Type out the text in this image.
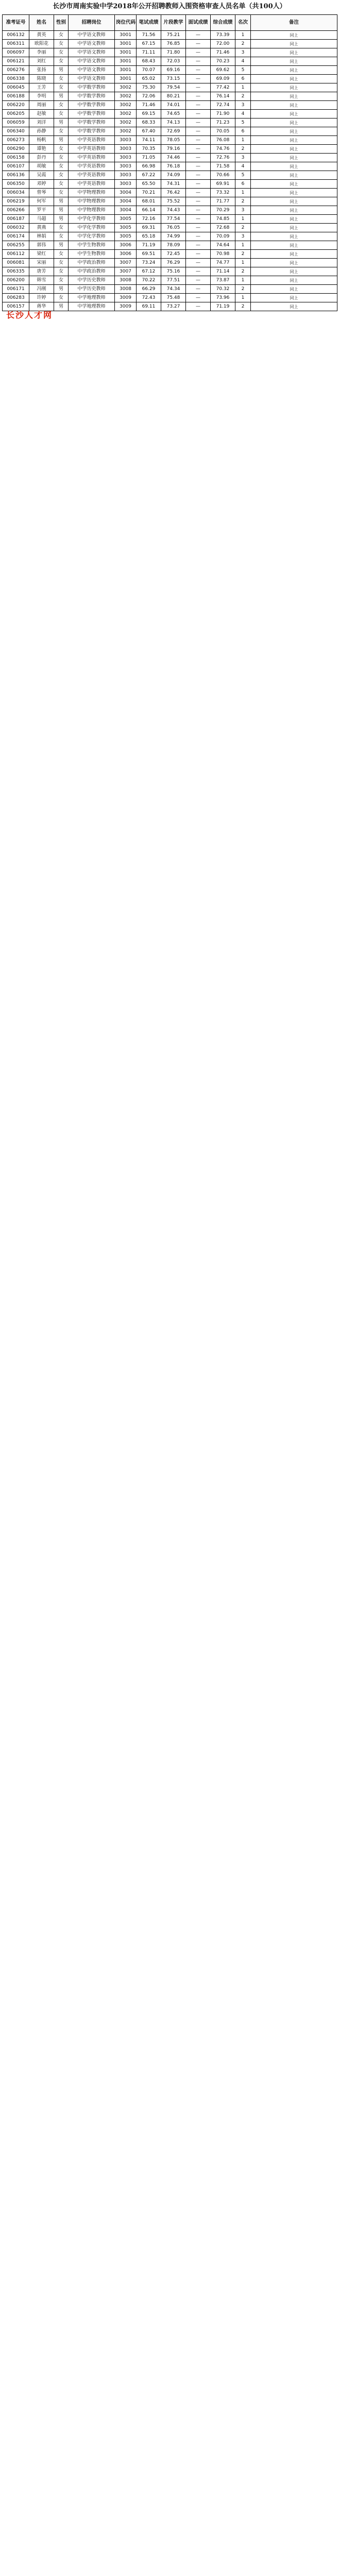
长沙市周南实验中学2018年公开招聘教师入围资格审查人员名单（共100人）
准考证号	姓名	性别	招聘岗位	岗位代码	笔试成绩	片段教学	面试成绩	综合成绩	名次	备注
006132	黄英	女	中学语文教师	3001	71.56	75.21	—	73.39	1	同上
006311	欧阳花	女	中学语文教师	3001	67.15	76.85	—	72.00	2	同上
006097	李丽	女	中学语文教师	3001	71.11	71.80	—	71.46	3	同上
006121	刘红	女	中学语文教师	3001	68.43	72.03	—	70.23	4	同上
006276	张扬	男	中学语文教师	3001	70.07	69.16	—	69.62	5	同上
006338	陈晓	女	中学语文教师	3001	65.02	73.15	—	69.09	6	同上
006045	王芳	女	中学数学教师	3002	75.30	79.54	—	77.42	1	同上
006188	李明	男	中学数学教师	3002	72.06	80.21	—	76.14	2	同上
006220	周丽	女	中学数学教师	3002	71.46	74.01	—	72.74	3	同上
006205	赵敏	女	中学数学教师	3002	69.15	74.65	—	71.90	4	同上
006059	刘洋	男	中学数学教师	3002	68.33	74.13	—	71.23	5	同上
006340	孙静	女	中学数学教师	3002	67.40	72.69	—	70.05	6	同上
006273	杨帆	男	中学英语教师	3003	74.11	78.05	—	76.08	1	同上
006290	谭艳	女	中学英语教师	3003	70.35	79.16	—	74.76	2	同上
006158	彭丹	女	中学英语教师	3003	71.05	74.46	—	72.76	3	同上
006107	胡敏	女	中学英语教师	3003	66.98	76.18	—	71.58	4	同上
006136	吴霞	女	中学英语教师	3003	67.22	74.09	—	70.66	5	同上
006350	邓婷	女	中学英语教师	3003	65.50	74.31	—	69.91	6	同上
006034	曾琴	女	中学物理教师	3004	70.21	76.42	—	73.32	1	同上
006219	何军	男	中学物理教师	3004	68.01	75.52	—	71.77	2	同上
006266	罗平	男	中学物理教师	3004	66.14	74.43	—	70.29	3	同上
006187	马超	男	中学化学教师	3005	72.16	77.54	—	74.85	1	同上
006032	黄燕	女	中学化学教师	3005	69.31	76.05	—	72.68	2	同上
006174	林娟	女	中学化学教师	3005	65.18	74.99	—	70.09	3	同上
006255	郭伟	男	中学生物教师	3006	71.19	78.09	—	74.64	1	同上
006112	梁红	女	中学生物教师	3006	69.51	72.45	—	70.98	2	同上
006081	宋丽	女	中学政治教师	3007	73.24	76.29	—	74.77	1	同上
006335	唐芳	女	中学政治教师	3007	67.12	75.16	—	71.14	2	同上
006200	韩雪	女	中学历史教师	3008	70.22	77.51	—	73.87	1	同上
006171	冯刚	男	中学历史教师	3008	66.29	74.34	—	70.32	2	同上
006283	许婷	女	中学地理教师	3009	72.43	75.48	—	73.96	1	同上
006157	蒋华	男	中学地理教师	3009	69.11	73.27	—	71.19	2	同上
长沙人才网
